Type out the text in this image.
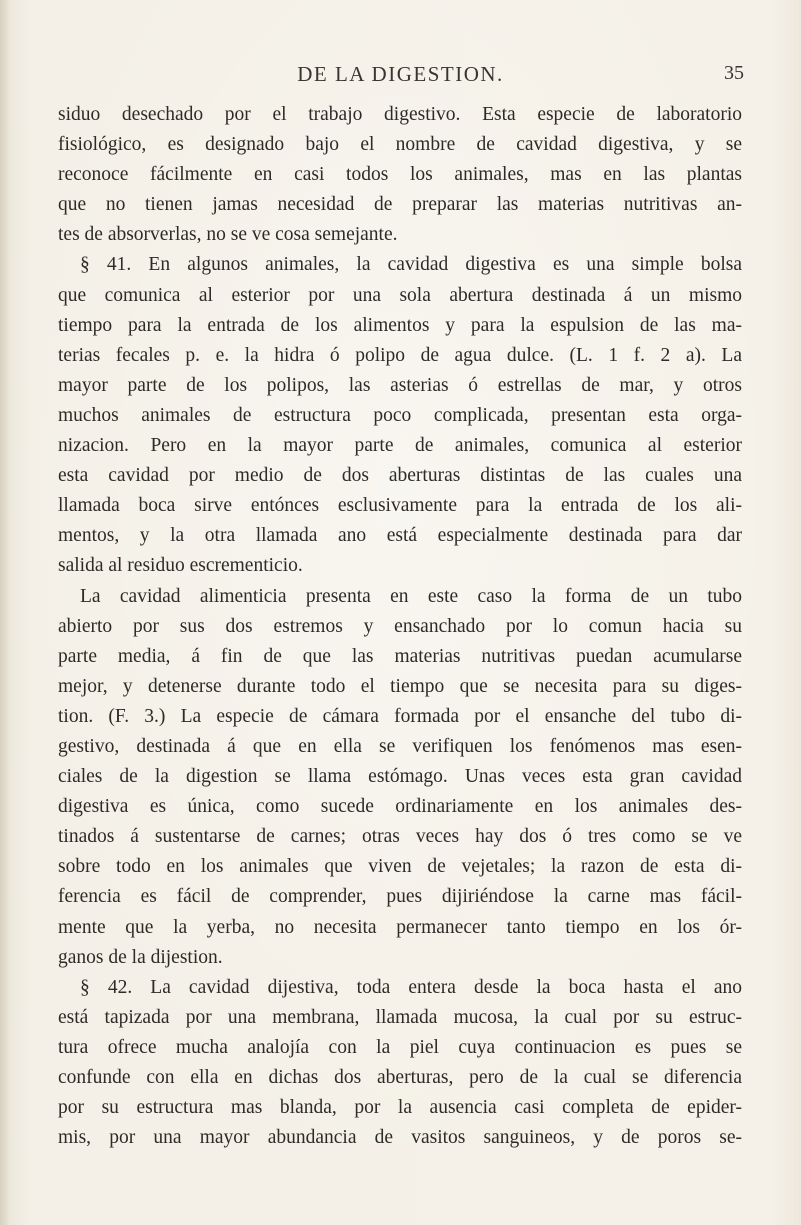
DE LA DIGESTION.	35
siduo desechado por el trabajo digestivo. Esta especie de laboratorio
fisiológico, es designado bajo el nombre de cavidad digestiva, y se
reconoce fácilmente en casi todos los animales, mas en las plantas
que no tienen jamas necesidad de preparar las materias nutritivas an-
tes de absorverlas, no se ve cosa semejante.
§ 41. En algunos animales, la cavidad digestiva es una simple bolsa
que comunica al esterior por una sola abertura destinada á un mismo
tiempo para la entrada de los alimentos y para la espulsion de las ma-
terias fecales p. e. la hidra ó polipo de agua dulce. (L. 1 f. 2 a). La
mayor parte de los polipos, las asterias ó estrellas de mar, y otros
muchos animales de estructura poco complicada, presentan esta orga-
nizacion. Pero en la mayor parte de animales, comunica al esterior
esta cavidad por medio de dos aberturas distintas de las cuales una
llamada boca sirve entónces esclusivamente para la entrada de los ali-
mentos, y la otra llamada ano está especialmente destinada para dar
salida al residuo escrementicio.
La cavidad alimenticia presenta en este caso la forma de un tubo
abierto por sus dos estremos y ensanchado por lo comun hacia su
parte media, á fin de que las materias nutritivas puedan acumularse
mejor, y detenerse durante todo el tiempo que se necesita para su diges-
tion. (F. 3.) La especie de cámara formada por el ensanche del tubo di-
gestivo, destinada á que en ella se verifiquen los fenómenos mas esen-
ciales de la digestion se llama estómago. Unas veces esta gran cavidad
digestiva es única, como sucede ordinariamente en los animales des-
tinados á sustentarse de carnes; otras veces hay dos ó tres como se ve
sobre todo en los animales que viven de vejetales; la razon de esta di-
ferencia es fácil de comprender, pues dijiriéndose la carne mas fácil-
mente que la yerba, no necesita permanecer tanto tiempo en los ór-
ganos de la dijestion.
§ 42. La cavidad dijestiva, toda entera desde la boca hasta el ano
está tapizada por una membrana, llamada mucosa, la cual por su estruc-
tura ofrece mucha analojía con la piel cuya continuacion es pues se
confunde con ella en dichas dos aberturas, pero de la cual se diferencia
por su estructura mas blanda, por la ausencia casi completa de epider-
mis, por una mayor abundancia de vasitos sanguineos, y de poros se-
